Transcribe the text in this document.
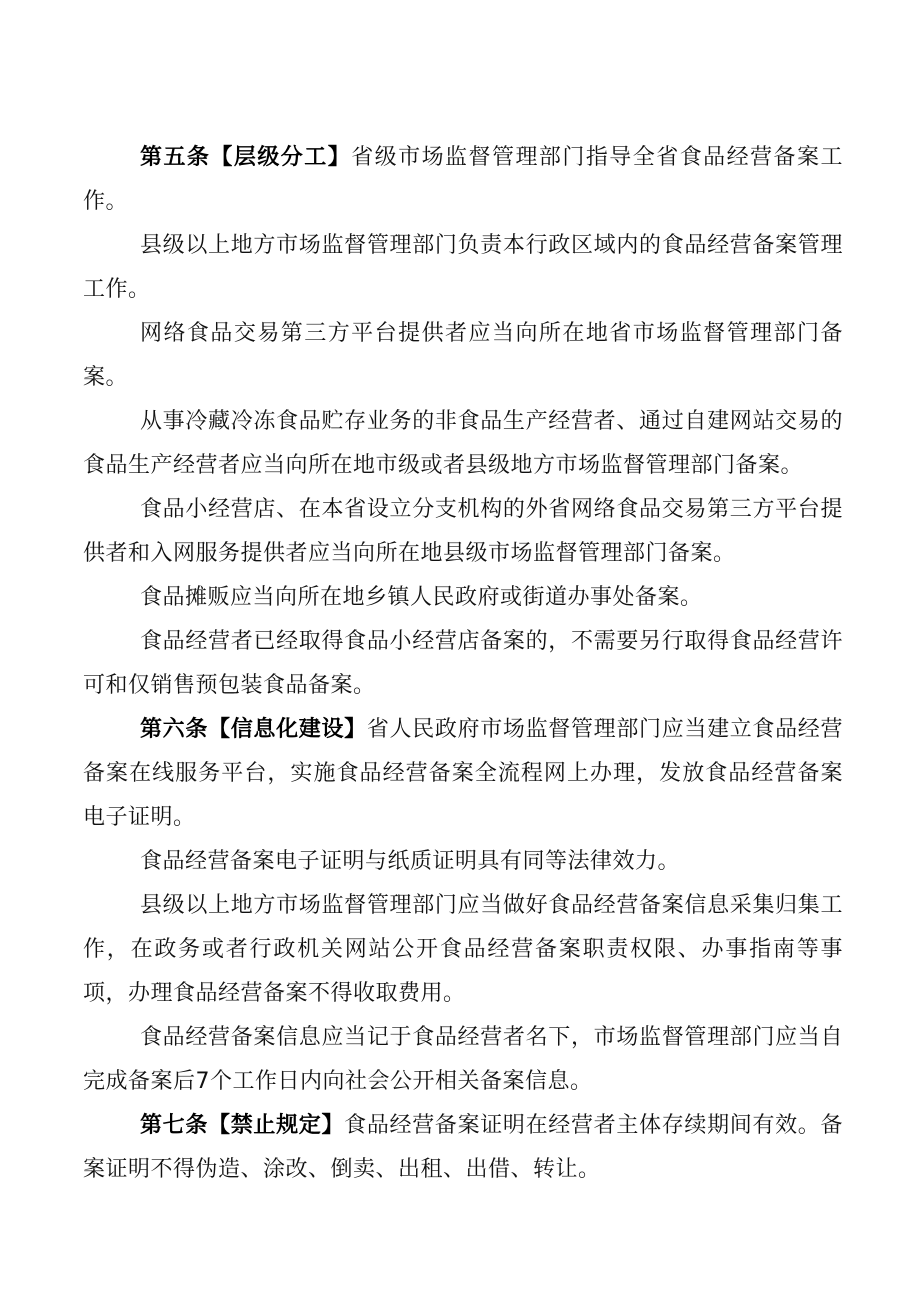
第五条【层级分工】省级市场监督管理部门指导全省食品经营备案工作。

县级以上地方市场监督管理部门负责本行政区域内的食品经营备案管理工作。

网络食品交易第三方平台提供者应当向所在地省市场监督管理部门备案。

从事冷藏冷冻食品贮存业务的非食品生产经营者、通过自建网站交易的食品生产经营者应当向所在地市级或者县级地方市场监督管理部门备案。

食品小经营店、在本省设立分支机构的外省网络食品交易第三方平台提供者和入网服务提供者应当向所在地县级市场监督管理部门备案。

食品摊贩应当向所在地乡镇人民政府或街道办事处备案。

食品经营者已经取得食品小经营店备案的，不需要另行取得食品经营许可和仅销售预包装食品备案。

第六条【信息化建设】省人民政府市场监督管理部门应当建立食品经营备案在线服务平台，实施食品经营备案全流程网上办理，发放食品经营备案电子证明。

食品经营备案电子证明与纸质证明具有同等法律效力。

县级以上地方市场监督管理部门应当做好食品经营备案信息采集归集工作，在政务或者行政机关网站公开食品经营备案职责权限、办事指南等事项，办理食品经营备案不得收取费用。

食品经营备案信息应当记于食品经营者名下，市场监督管理部门应当自完成备案后7个工作日内向社会公开相关备案信息。

第七条【禁止规定】食品经营备案证明在经营者主体存续期间有效。备案证明不得伪造、涂改、倒卖、出租、出借、转让。
